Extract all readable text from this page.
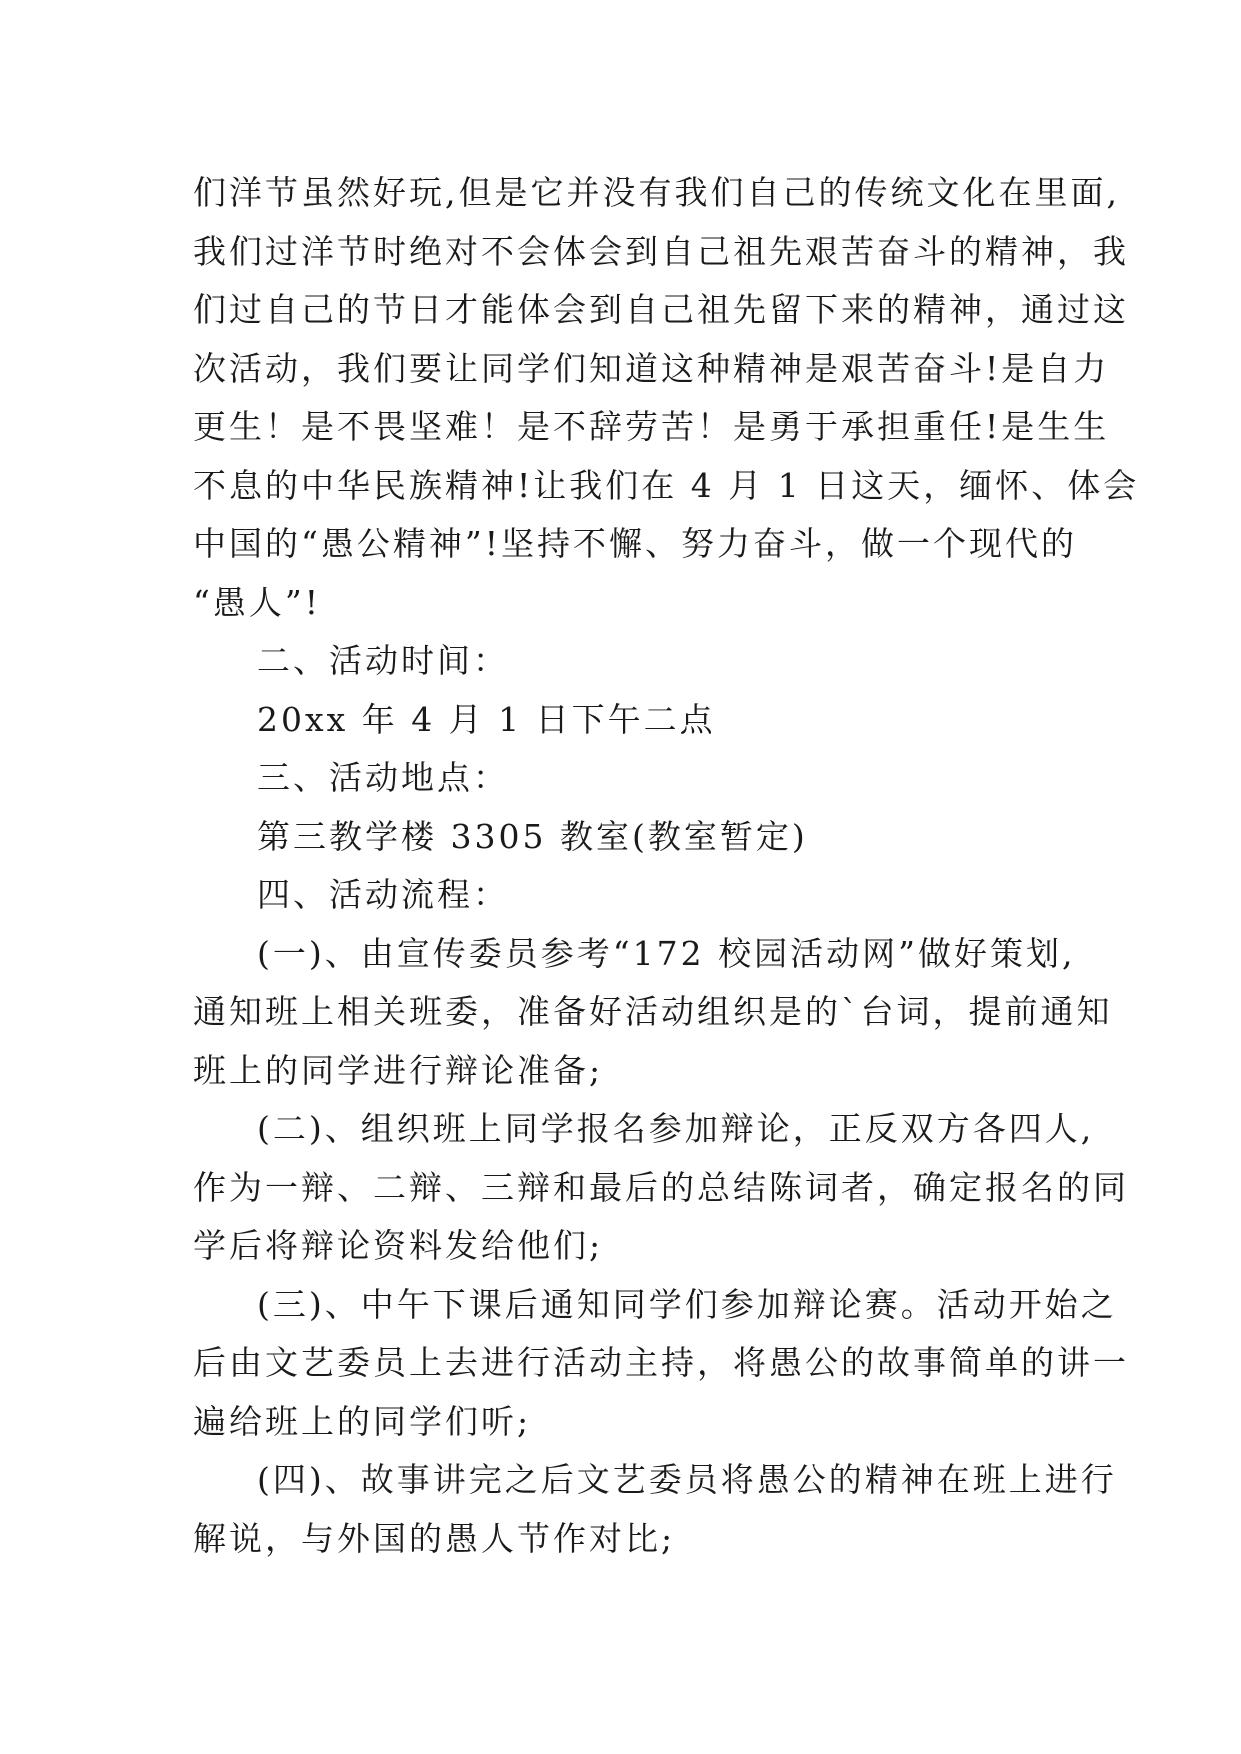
们洋节虽然好玩,但是它并没有我们自己的传统文化在里面,
我们过洋节时绝对不会体会到自己祖先艰苦奋斗的精神，我
们过自己的节日才能体会到自己祖先留下来的精神，通过这
次活动，我们要让同学们知道这种精神是艰苦奋斗!是自力
更生！是不畏坚难！是不辞劳苦！是勇于承担重任!是生生
不息的中华民族精神!让我们在 4 月 1 日这天，缅怀、体会
中国的“愚公精神”!坚持不懈、努力奋斗，做一个现代的
“愚人”!
二、活动时间：
20xx 年 4 月 1 日下午二点
三、活动地点：
第三教学楼 3305 教室(教室暂定)
四、活动流程：
(一)、由宣传委员参考“172 校园活动网”做好策划,
通知班上相关班委，准备好活动组织是的`台词，提前通知
班上的同学进行辩论准备;
(二)、组织班上同学报名参加辩论，正反双方各四人,
作为一辩、二辩、三辩和最后的总结陈词者，确定报名的同
学后将辩论资料发给他们;
(三)、中午下课后通知同学们参加辩论赛。活动开始之
后由文艺委员上去进行活动主持，将愚公的故事简单的讲一
遍给班上的同学们听;
(四)、故事讲完之后文艺委员将愚公的精神在班上进行
解说，与外国的愚人节作对比;
